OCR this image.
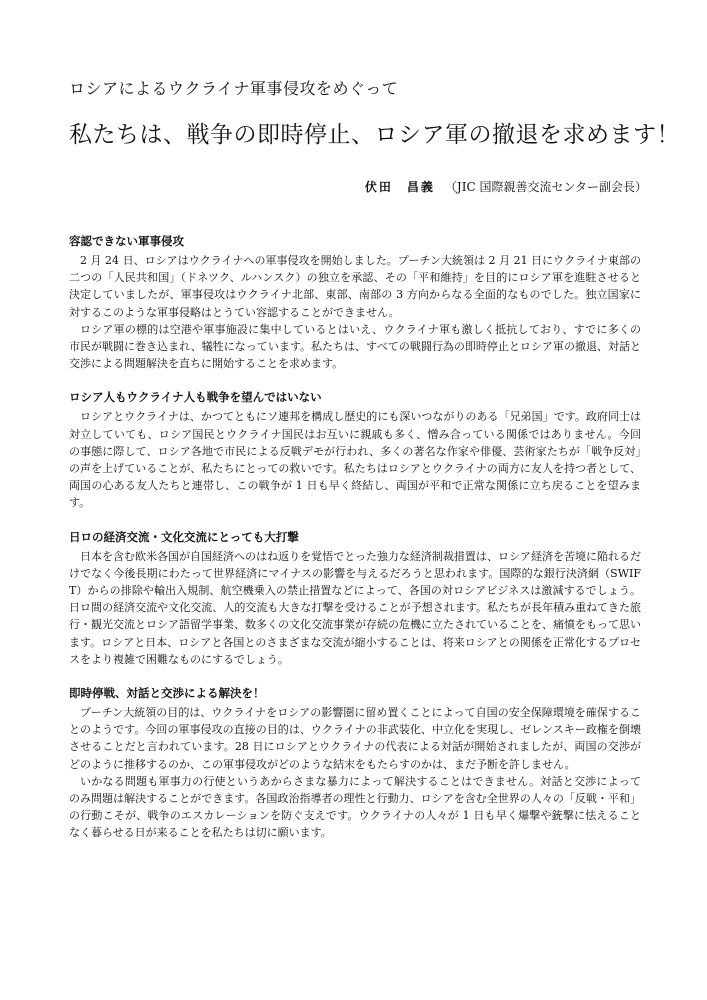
ロシアによるウクライナ軍事侵攻をめぐって
私たちは、戦争の即時停止、ロシア軍の撤退を求めます！
伏田　昌義 （JIC 国際親善交流センター副会長）
容認できない軍事侵攻

2 月 24 日、ロシアはウクライナへの軍事侵攻を開始しました。プーチン大統領は 2 月 21 日にウクライナ東部の二つの「人民共和国」（ドネツク、ルハンスク）の独立を承認、その「平和維持」を目的にロシア軍を進駐させると決定していましたが、軍事侵攻はウクライナ北部、東部、南部の 3 方向からなる全面的なものでした。独立国家に対するこのような軍事侵略はとうてい容認することができません。

ロシア軍の標的は空港や軍事施設に集中しているとはいえ、ウクライナ軍も激しく抵抗しており、すでに多くの市民が戦闘に巻き込まれ、犠牲になっています。私たちは、すべての戦闘行為の即時停止とロシア軍の撤退、対話と交渉による問題解決を直ちに開始することを求めます。

ロシア人もウクライナ人も戦争を望んではいない

ロシアとウクライナは、かつてともにソ連邦を構成し歴史的にも深いつながりのある「兄弟国」です。政府同士は対立していても、ロシア国民とウクライナ国民はお互いに親戚も多く、憎み合っている関係ではありません。今回の事態に際して、ロシア各地で市民による反戦デモが行われ、多くの著名な作家や俳優、芸術家たちが「戦争反対」の声を上げていることが、私たちにとっての救いです。私たちはロシアとウクライナの両方に友人を持つ者として、両国の心ある友人たちと連帯し、この戦争が 1 日も早く終結し、両国が平和で正常な関係に立ち戻ることを望みます。

日ロの経済交流・文化交流にとっても大打撃

日本を含む欧米各国が自国経済へのはね返りを覚悟でとった強力な経済制裁措置は、ロシア経済を苦境に陥れるだけでなく今後長期にわたって世界経済にマイナスの影響を与えるだろうと思われます。国際的な銀行決済網（SWIFT）からの排除や輸出入規制、航空機乗入の禁止措置などによって、各国の対ロシアビジネスは激減するでしょう。日ロ間の経済交流や文化交流、人的交流も大きな打撃を受けることが予想されます。私たちが長年積み重ねてきた旅行・観光交流とロシア語留学事業、数多くの文化交流事業が存続の危機に立たされていることを、痛憤をもって思います。ロシアと日本、ロシアと各国とのさまざまな交流が縮小することは、将来ロシアとの関係を正常化するプロセスをより複雑で困難なものにするでしょう。

即時停戦、対話と交渉による解決を！

プーチン大統領の目的は、ウクライナをロシアの影響圏に留め置くことによって自国の安全保障環境を確保することのようです。今回の軍事侵攻の直接の目的は、ウクライナの非武装化、中立化を実現し、ゼレンスキー政権を倒壊させることだと言われています。28 日にロシアとウクライナの代表による対話が開始されましたが、両国の交渉がどのように推移するのか、この軍事侵攻がどのような結末をもたらすのかは、まだ予断を許しません。

いかなる問題も軍事力の行使というあからさまな暴力によって解決することはできません。対話と交渉によってのみ問題は解決することができます。各国政治指導者の理性と行動力、ロシアを含む全世界の人々の「反戦・平和」の行動こそが、戦争のエスカレーションを防ぐ支えです。ウクライナの人々が 1 日も早く爆撃や銃撃に怯えることなく暮らせる日が来ることを私たちは切に願います。
